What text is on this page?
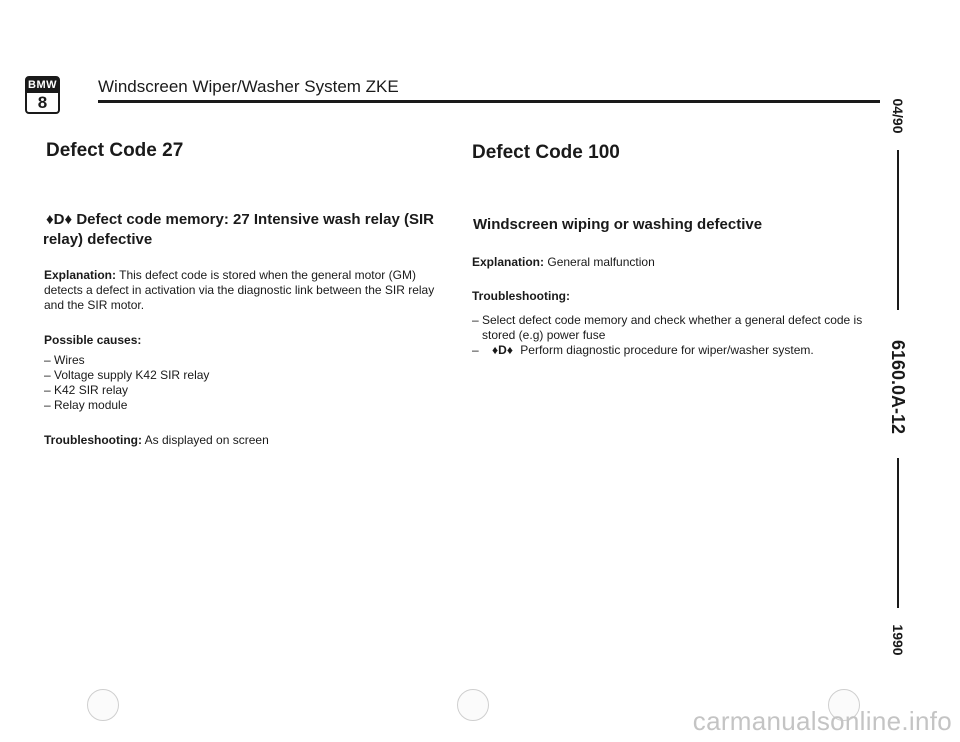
BMW
8
Windscreen Wiper/Washer System ZKE
Defect Code 27
♦D♦ Defect code memory: 27 Intensive wash relay (SIR
relay) defective
Explanation: This defect code is stored when the general motor (GM)
detects a defect in activation via the diagnostic link between the SIR relay
and the SIR motor.
Possible causes:
– Wires
– Voltage supply K42 SIR relay
– K42 SIR relay
– Relay module
Troubleshooting: As displayed on screen
Defect Code 100
Windscreen wiping or washing defective
Explanation: General malfunction
Troubleshooting:
– Select defect code memory and check whether a general defect code is
stored (e.g) power fuse
– ♦D♦ Perform diagnostic procedure for wiper/washer system.
04/90
6160.0A-12
1990
carmanualsonline.info
